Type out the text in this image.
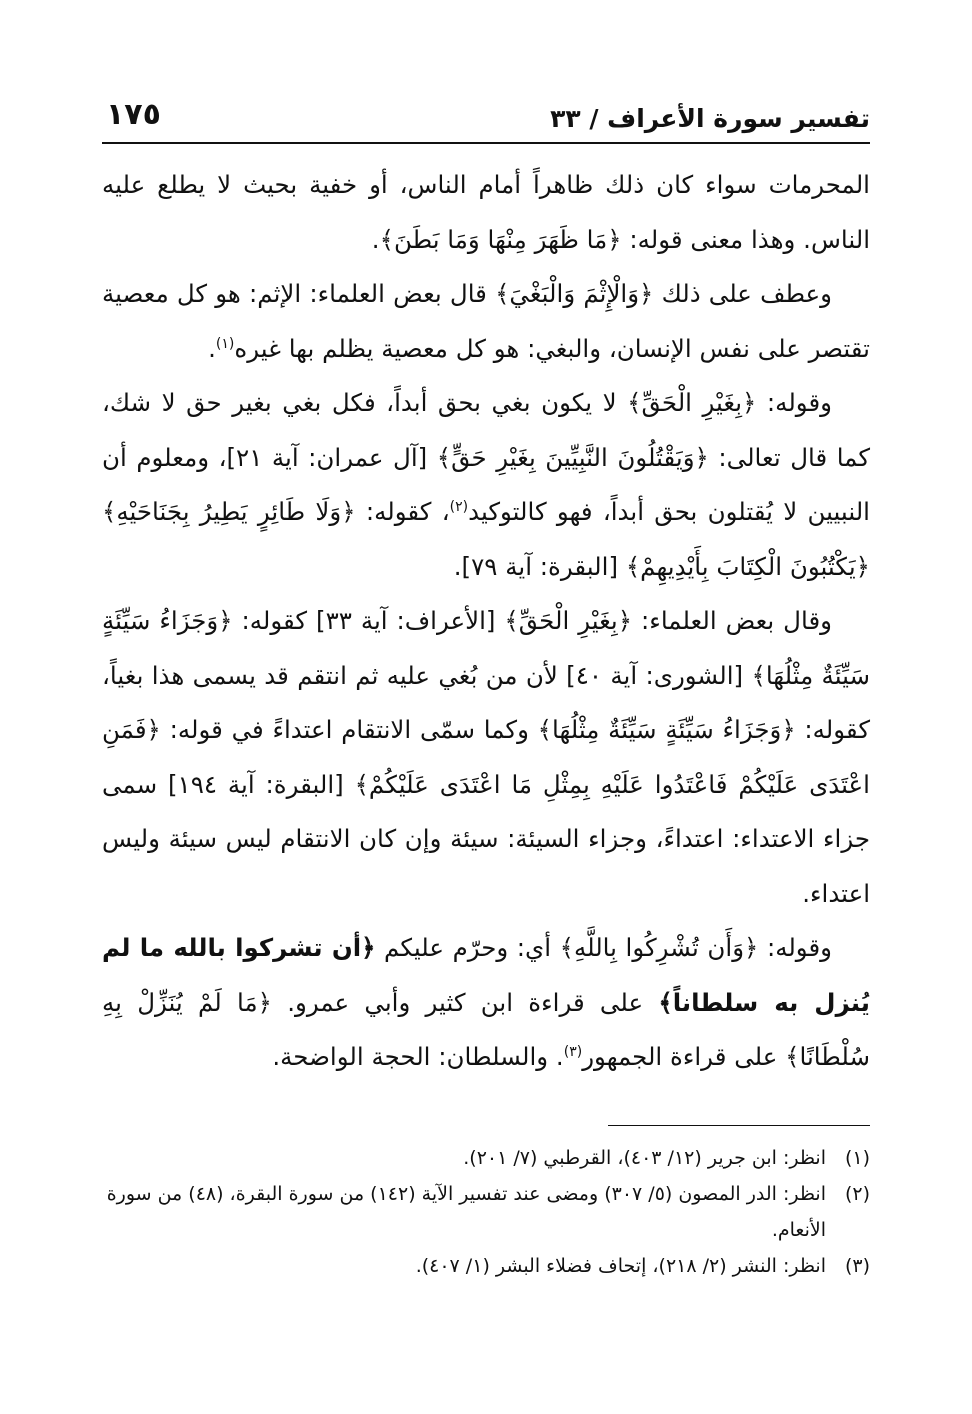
تفسير سورة الأعراف / ٣٣
١٧٥

المحرمات سواء كان ذلك ظاهراً أمام الناس، أو خفية بحيث لا يطلع عليه الناس. وهذا معنى قوله: ﴿مَا ظَهَرَ مِنْهَا وَمَا بَطَنَ﴾.

وعطف على ذلك ﴿وَالْإِثْمَ وَالْبَغْيَ﴾ قال بعض العلماء: الإثم: هو كل معصية تقتصر على نفس الإنسان، والبغي: هو كل معصية يظلم بها غيره$^{(١)}$.

وقوله: ﴿بِغَيْرِ الْحَقِّ﴾ لا يكون بغي بحق أبداً، فكل بغي بغير حق لا شك، كما قال تعالى: ﴿وَيَقْتُلُونَ النَّبِيِّينَ بِغَيْرِ حَقٍّ﴾ [آل عمران: آية ٢١]، ومعلوم أن النبيين لا يُقتلون بحق أبداً، فهو كالتوكيد$^{(٢)}$، كقوله: ﴿وَلَا طَائِرٍ يَطِيرُ بِجَنَاحَيْهِ﴾ ﴿يَكْتُبُونَ الْكِتَابَ بِأَيْدِيهِمْ﴾ [البقرة: آية ٧٩].

وقال بعض العلماء: ﴿بِغَيْرِ الْحَقِّ﴾ [الأعراف: آية ٣٣] كقوله: ﴿وَجَزَاءُ سَيِّئَةٍ سَيِّئَةٌ مِثْلُهَا﴾ [الشورى: آية ٤٠] لأن من بُغي عليه ثم انتقم قد يسمى هذا بغياً، كقوله: ﴿وَجَزَاءُ سَيِّئَةٍ سَيِّئَةٌ مِثْلُهَا﴾ وكما سمّى الانتقام اعتداءً في قوله: ﴿فَمَنِ اعْتَدَى عَلَيْكُمْ فَاعْتَدُوا عَلَيْهِ بِمِثْلِ مَا اعْتَدَى عَلَيْكُمْ﴾ [البقرة: آية ١٩٤] سمى جزاء الاعتداء: اعتداءً، وجزاء السيئة: سيئة وإن كان الانتقام ليس سيئة وليس اعتداء.

وقوله: ﴿وَأَن تُشْرِكُوا بِاللَّهِ﴾ أي: وحرّم عليكم ﴿أن تشركوا بالله ما لم يُنزل به سلطاناً﴾ على قراءة ابن كثير وأبي عمرو. ﴿مَا لَمْ يُنَزِّلْ بِهِ سُلْطَانًا﴾ على قراءة الجمهور$^{(٣)}$. والسلطان: الحجة الواضحة.

(١)
انظر: ابن جرير (١٢/ ٤٠٣)، القرطبي (٧/ ٢٠١).

(٢)
انظر: الدر المصون (٥/ ٣٠٧) ومضى عند تفسير الآية (١٤٢) من سورة البقرة، (٤٨) من سورة الأنعام.

(٣)
انظر: النشر (٢/ ٢١٨)، إتحاف فضلاء البشر (١/ ٤٠٧).
